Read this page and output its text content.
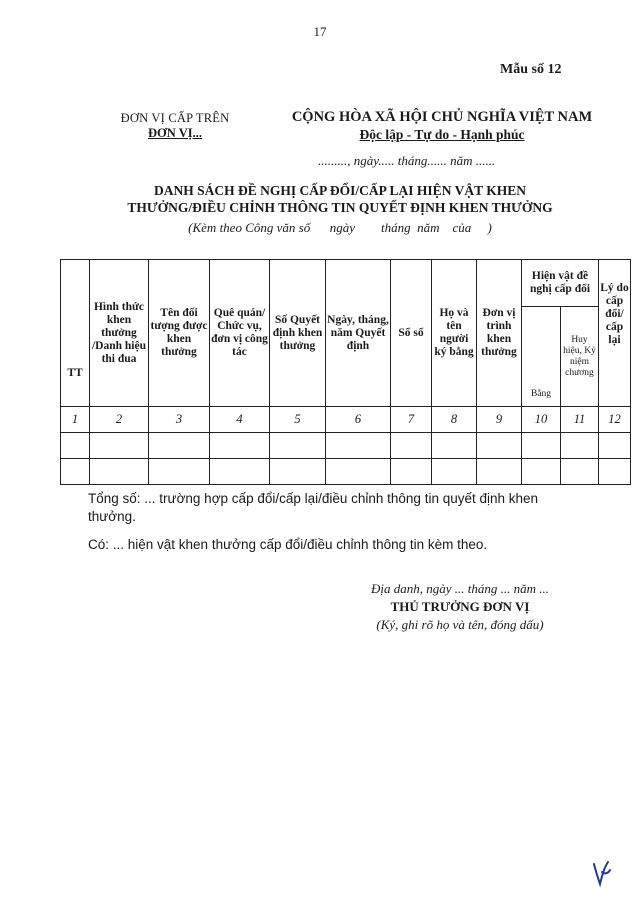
17
Mẫu số 12
ĐƠN VỊ CẤP TRÊN
ĐƠN VỊ...
CỘNG HÒA XÃ HỘI CHỦ NGHĨA VIỆT NAM
Độc lập - Tự do - Hạnh phúc
........., ngày..... tháng...... năm ......
DANH SÁCH ĐỀ NGHỊ CẤP ĐỔI/CẤP LẠI HIỆN VẬT KHEN
THƯỞNG/ĐIỀU CHỈNH THÔNG TIN QUYẾT ĐỊNH KHEN THƯỞNG
(Kèm theo Công văn số      ngày        tháng  năm    của     )
TT	Hình thức khen thưởng /Danh hiệu thi đua	Tên đối tượng được khen thưởng	Quê quán/ Chức vụ, đơn vị công tác	Số Quyết định khen thưởng	Ngày, tháng, năm Quyết định	Sổ sổ	Họ và tên người ký bằng	Đơn vị trình khen thưởng	Hiện vật đề nghị cấp đổi		Lý do cấp đổi/ cấp lại
									Bằng	Huy hiệu, Kỷ niệm chương	
1	2	3	4	5	6	7	8	9	10	11	12

Tổng số: ... trường hợp cấp đổi/cấp lại/điều chỉnh thông tin quyết định khen thưởng.
Có: ... hiện vật khen thưởng cấp đổi/điều chỉnh thông tin kèm theo.
Địa danh, ngày ... tháng ... năm ...
THỦ TRƯỞNG ĐƠN VỊ
(Ký, ghi rõ họ và tên, đóng dấu)
